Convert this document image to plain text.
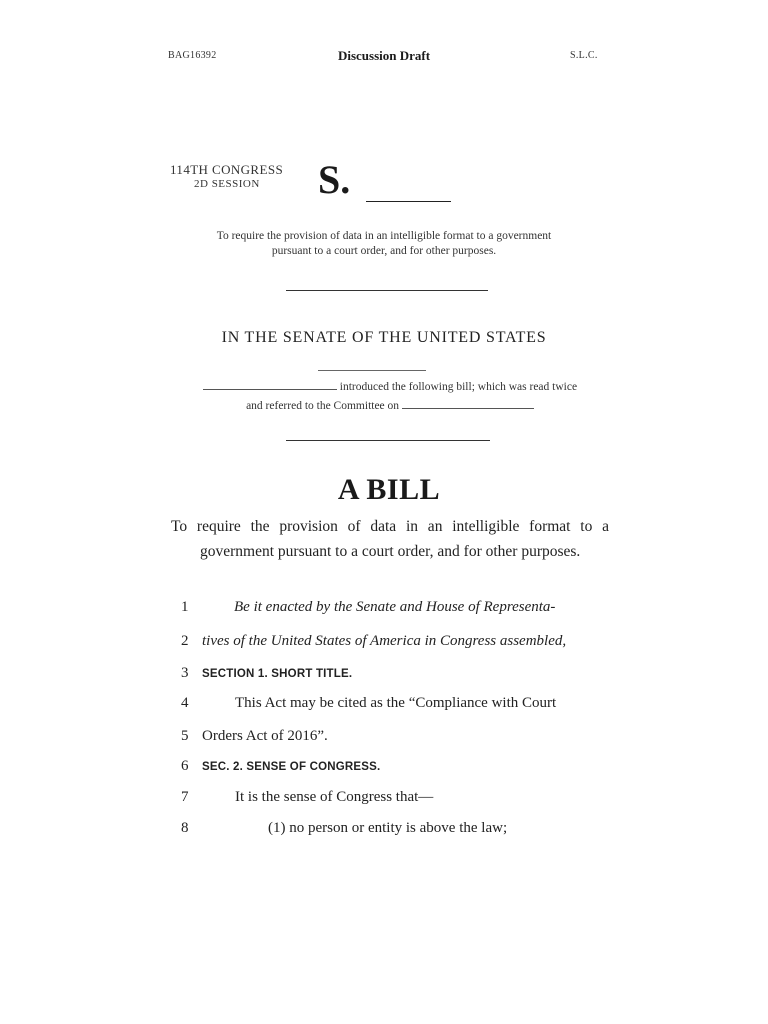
BAG16392	Discussion Draft	S.L.C.
114TH CONGRESS
2D SESSION S.
To require the provision of data in an intelligible format to a government
pursuant to a court order, and for other purposes.
IN THE SENATE OF THE UNITED STATES
introduced the following bill; which was read twice
and referred to the Committee on
A BILL
To require the provision of data in an intelligible format to a government pursuant to a court order, and for other purposes.
1	Be it enacted by the Senate and House of Representa-
2 tives of the United States of America in Congress assembled,
3 SECTION 1. SHORT TITLE.
4	This Act may be cited as the “Compliance with Court
5 Orders Act of 2016”.
6 SEC. 2. SENSE OF CONGRESS.
7	It is the sense of Congress that—
8	(1) no person or entity is above the law;
